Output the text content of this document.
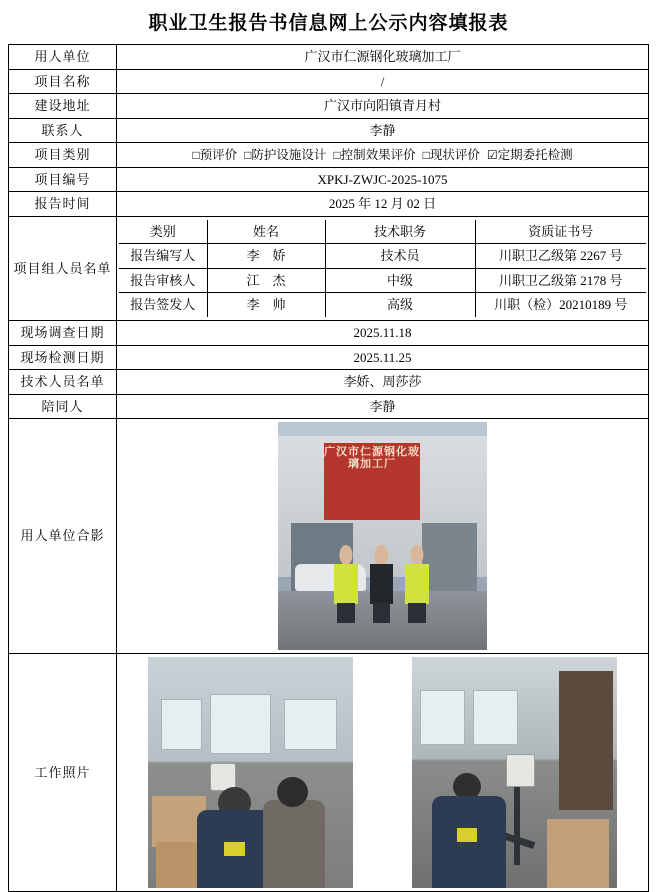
职业卫生报告书信息网上公示内容填报表
用人单位	广汉市仁源钢化玻璃加工厂
项目名称	/
建设地址	广汉市向阳镇青月村
联系人	李静
项目类别	□预评价 □防护设施设计 □控制效果评价 □现状评价 ☑定期委托检测

项目编号	XPKJ-ZWJC-2025-1075
报告时间	2025 年 12 月 02 日
项目组人员名单	
类别	姓名	技术职务	资质证书号
报告编写人	李　娇	技术员	川职卫乙级第 2267 号
报告审核人	江　杰	中级	川职卫乙级第 2178 号
报告签发人	李　帅	高级	川职（检）20210189 号

现场调查日期	2025.11.18
现场检测日期	2025.11.25
技术人员名单	李娇、周莎莎
陪同人	李静
用人单位合影	
广汉市仁源钢化玻璃加工厂

工作照片	
